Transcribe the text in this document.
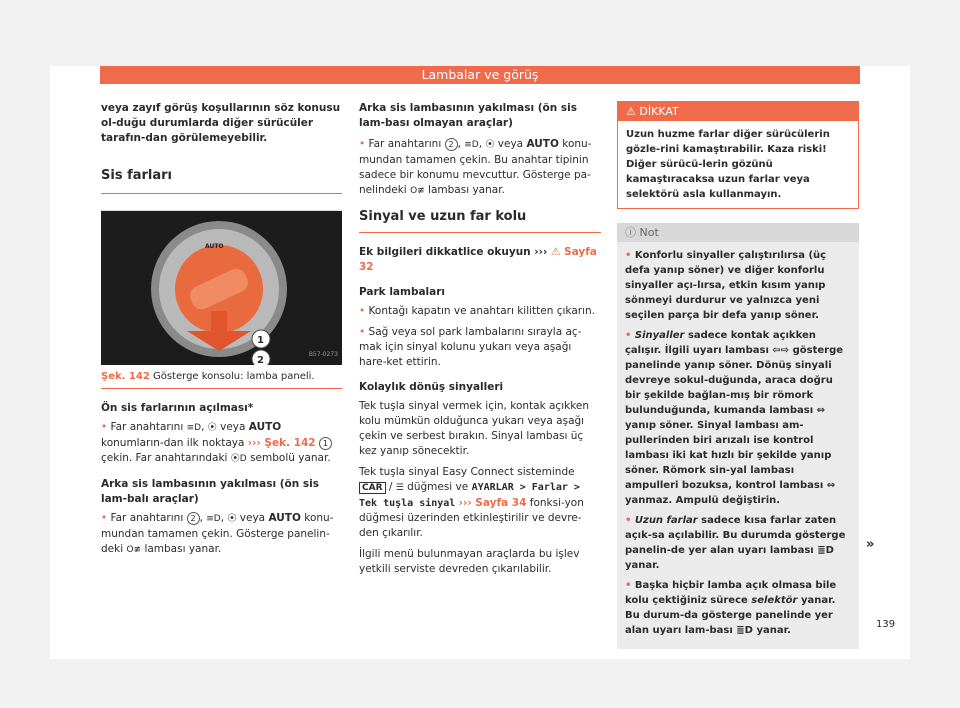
Lambalar ve görüş

veya zayıf görüş koşullarının söz konusu ol-duğu durumlarda diğer sürücüler tarafın-dan görülemeyebilir.

Sis farları
AUTO
1
2
B57-0273
Şek. 142 Gösterge konsolu: lamba paneli.

Ön sis farlarının açılması*

• Far anahtarını ≡D, ⦿ veya AUTO konumların-dan ilk noktaya ››› Şek. 142 1 çekin. Far anahtarındaki ⦿D sembolü yanar.

Arka sis lambasının yakılması (ön sis lam-balı araçlar)

• Far anahtarını 2 , ≡D, ⦿ veya AUTO konu-mundan tamamen çekin. Gösterge panelin-deki O≢ lambası yanar.

Arka sis lambasının yakılması (ön sis lam-bası olmayan araçlar)

• Far anahtarını 2 , ≡D, ⦿ veya AUTO konu-mundan tamamen çekin. Bu anahtar tipinin sadece bir konumu mevcuttur. Gösterge pa-nelindeki O≢ lambası yanar.

Sinyal ve uzun far kolu

Ek bilgileri dikkatlice okuyun ››› ⚠ Sayfa 32

Park lambaları

• Kontağı kapatın ve anahtarı kilitten çıkarın.

• Sağ veya sol park lambalarını sırayla aç-mak için sinyal kolunu yukarı veya aşağı hare-ket ettirin.

Kolaylık dönüş sinyalleri

Tek tuşla sinyal vermek için, kontak açıkken kolu mümkün olduğunca yukarı veya aşağı çekin ve serbest bırakın. Sinyal lambası üç kez yanıp sönecektir.

Tek tuşla sinyal Easy Connect sisteminde CAR / ☰ düğmesi ve AYARLAR > Farlar > Tek tuşla sinyal ››› Sayfa 34 fonksi-yon düğmesi üzerinden etkinleştirilir ve devre-den çıkarılır.

İlgili menü bulunmayan araçlarda bu işlev yetkili serviste devreden çıkarılabilir.

⚠ DİKKAT
Uzun huzme farlar diğer sürücülerin gözle-rini kamaştırabilir. Kaza riski! Diğer sürücü-lerin gözünü kamaştıracaksa uzun farlar veya selektörü asla kullanmayın.
ⓘ Not

• Konforlu sinyaller çalıştırılırsa (üç defa yanıp söner) ve diğer konforlu sinyaller açı-lırsa, etkin kısım yanıp sönmeyi durdurur ve yalnızca yeni seçilen parça bir defa yanıp söner.

• Sinyaller sadece kontak açıkken çalışır. İlgili uyarı lambası ⇦⇨ gösterge panelinde yanıp söner. Dönüş sinyali devreye sokul-duğunda, araca doğru bir şekilde bağlan-mış bir römork bulunduğunda, kumanda lambası ⇔ yanıp söner. Sinyal lambası am-pullerinden biri arızalı ise kontrol lambası iki kat hızlı bir şekilde yanıp söner. Römork sin-yal lambası ampulleri bozuksa, kontrol lambası ⇔ yanmaz. Ampulü değiştirin.

• Uzun farlar sadece kısa farlar zaten açık-sa açılabilir. Bu durumda gösterge panelin-de yer alan uyarı lambası ≣D yanar.

• Başka hiçbir lamba açık olmasa bile kolu çektiğiniz sürece selektör yanar. Bu durum-da gösterge panelinde yer alan uyarı lam-bası ≣D yanar.

»
139
